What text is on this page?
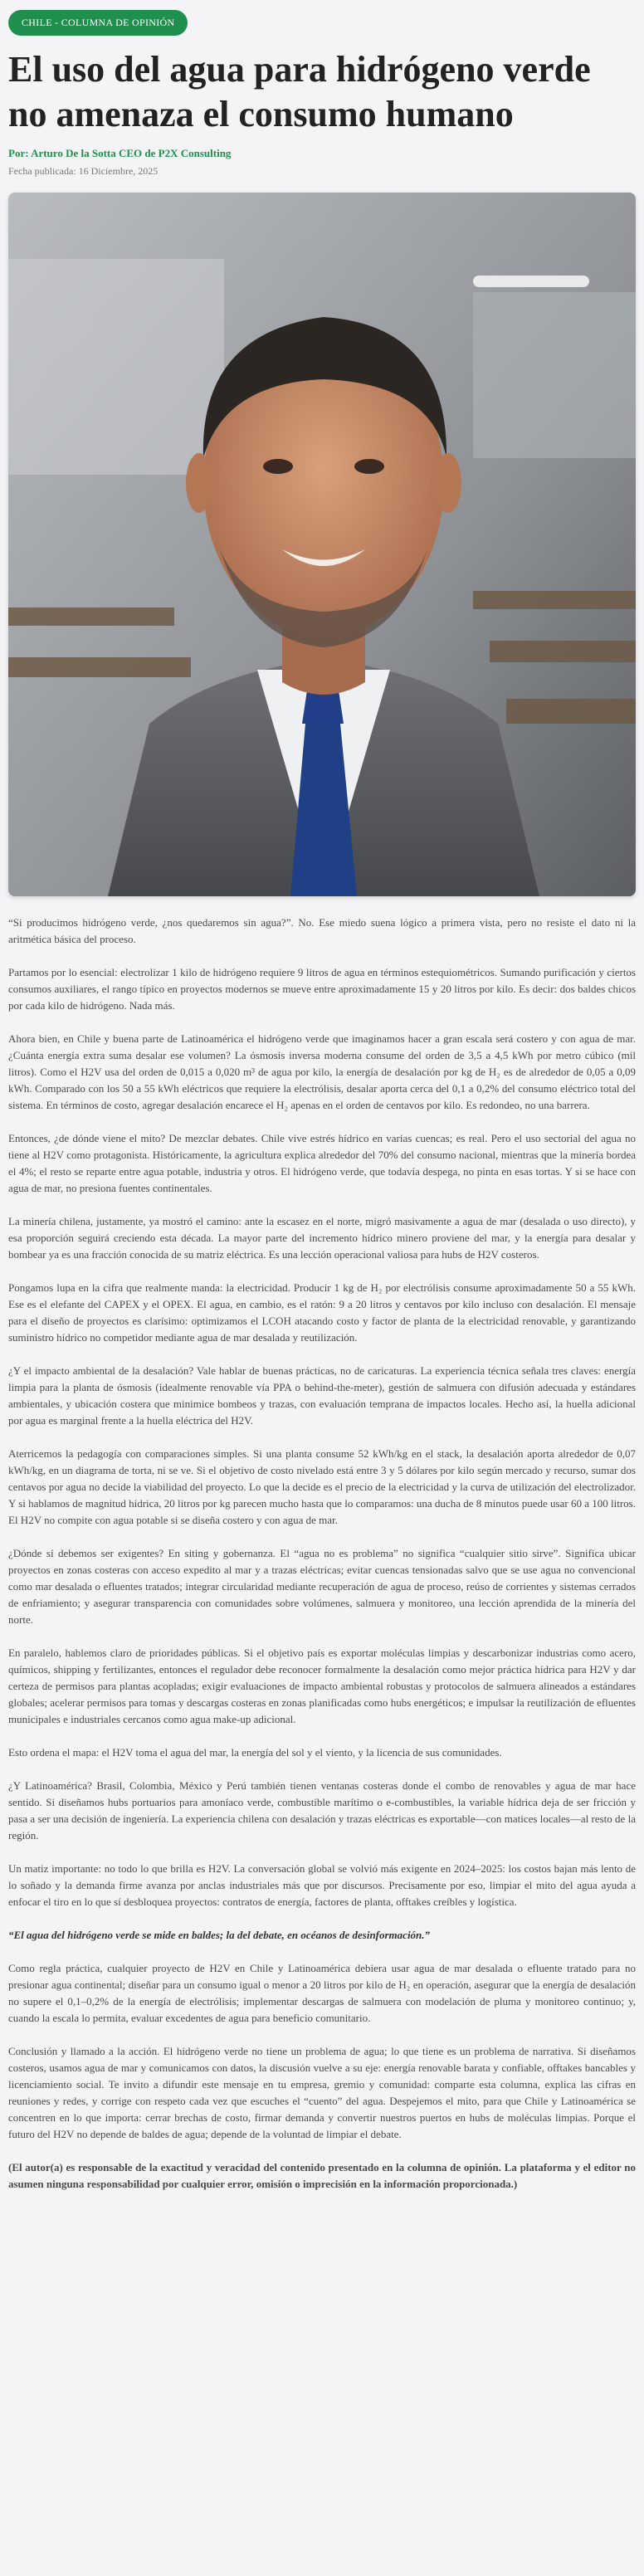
CHILE - COLUMNA DE OPINIÓN
El uso del agua para hidrógeno verde no amenaza el consumo humano

Por: Arturo De la Sotta CEO de P2X Consulting

Fecha publicada: 16 Diciembre, 2025

“Si producimos hidrógeno verde, ¿nos quedaremos sin agua?”. No. Ese miedo suena lógico a primera vista, pero no resiste el dato ni la aritmética básica del proceso.

Partamos por lo esencial: electrolizar 1 kilo de hidrógeno requiere 9 litros de agua en términos estequiométricos. Sumando purificación y ciertos consumos auxiliares, el rango típico en proyectos modernos se mueve entre aproximadamente 15 y 20 litros por kilo. Es decir: dos baldes chicos por cada kilo de hidrógeno. Nada más.

Ahora bien, en Chile y buena parte de Latinoamérica el hidrógeno verde que imaginamos hacer a gran escala será costero y con agua de mar. ¿Cuánta energía extra suma desalar ese volumen? La ósmosis inversa moderna consume del orden de 3,5 a 4,5 kWh por metro cúbico (mil litros). Como el H2V usa del orden de 0,015 a 0,020 m³ de agua por kilo, la energía de desalación por kg de H₂ es de alrededor de 0,05 a 0,09 kWh. Comparado con los 50 a 55 kWh eléctricos que requiere la electrólisis, desalar aporta cerca del 0,1 a 0,2% del consumo eléctrico total del sistema. En términos de costo, agregar desalación encarece el H₂ apenas en el orden de centavos por kilo. Es redondeo, no una barrera.

Entonces, ¿de dónde viene el mito? De mezclar debates. Chile vive estrés hídrico en varias cuencas; es real. Pero el uso sectorial del agua no tiene al H2V como protagonista. Históricamente, la agricultura explica alrededor del 70% del consumo nacional, mientras que la minería bordea el 4%; el resto se reparte entre agua potable, industria y otros. El hidrógeno verde, que todavía despega, no pinta en esas tortas. Y si se hace con agua de mar, no presiona fuentes continentales.

La minería chilena, justamente, ya mostró el camino: ante la escasez en el norte, migró masivamente a agua de mar (desalada o uso directo), y esa proporción seguirá creciendo esta década. La mayor parte del incremento hídrico minero proviene del mar, y la energía para desalar y bombear ya es una fracción conocida de su matriz eléctrica. Es una lección operacional valiosa para hubs de H2V costeros.

Pongamos lupa en la cifra que realmente manda: la electricidad. Producir 1 kg de H₂ por electrólisis consume aproximadamente 50 a 55 kWh. Ese es el elefante del CAPEX y el OPEX. El agua, en cambio, es el ratón: 9 a 20 litros y centavos por kilo incluso con desalación. El mensaje para el diseño de proyectos es clarísimo: optimizamos el LCOH atacando costo y factor de planta de la electricidad renovable, y garantizando suministro hídrico no competidor mediante agua de mar desalada y reutilización.

¿Y el impacto ambiental de la desalación? Vale hablar de buenas prácticas, no de caricaturas. La experiencia técnica señala tres claves: energía limpia para la planta de ósmosis (idealmente renovable vía PPA o behind-the-meter), gestión de salmuera con difusión adecuada y estándares ambientales, y ubicación costera que minimice bombeos y trazas, con evaluación temprana de impactos locales. Hecho así, la huella adicional por agua es marginal frente a la huella eléctrica del H2V.

Aterricemos la pedagogía con comparaciones simples. Si una planta consume 52 kWh/kg en el stack, la desalación aporta alrededor de 0,07 kWh/kg, en un diagrama de torta, ni se ve. Si el objetivo de costo nivelado está entre 3 y 5 dólares por kilo según mercado y recurso, sumar dos centavos por agua no decide la viabilidad del proyecto. Lo que la decide es el precio de la electricidad y la curva de utilización del electrolizador. Y si hablamos de magnitud hídrica, 20 litros por kg parecen mucho hasta que lo comparamos: una ducha de 8 minutos puede usar 60 a 100 litros. El H2V no compite con agua potable si se diseña costero y con agua de mar.

¿Dónde sí debemos ser exigentes? En siting y gobernanza. El “agua no es problema” no significa “cualquier sitio sirve”. Significa ubicar proyectos en zonas costeras con acceso expedito al mar y a trazas eléctricas; evitar cuencas tensionadas salvo que se use agua no convencional como mar desalada o efluentes tratados; integrar circularidad mediante recuperación de agua de proceso, reúso de corrientes y sistemas cerrados de enfriamiento; y asegurar transparencia con comunidades sobre volúmenes, salmuera y monitoreo, una lección aprendida de la minería del norte.

En paralelo, hablemos claro de prioridades públicas. Si el objetivo país es exportar moléculas limpias y descarbonizar industrias como acero, químicos, shipping y fertilizantes, entonces el regulador debe reconocer formalmente la desalación como mejor práctica hídrica para H2V y dar certeza de permisos para plantas acopladas; exigir evaluaciones de impacto ambiental robustas y protocolos de salmuera alineados a estándares globales; acelerar permisos para tomas y descargas costeras en zonas planificadas como hubs energéticos; e impulsar la reutilización de efluentes municipales e industriales cercanos como agua make-up adicional.

Esto ordena el mapa: el H2V toma el agua del mar, la energía del sol y el viento, y la licencia de sus comunidades.

¿Y Latinoamérica? Brasil, Colombia, México y Perú también tienen ventanas costeras donde el combo de renovables y agua de mar hace sentido. Si diseñamos hubs portuarios para amoníaco verde, combustible marítimo o e-combustibles, la variable hídrica deja de ser fricción y pasa a ser una decisión de ingeniería. La experiencia chilena con desalación y trazas eléctricas es exportable—con matices locales—al resto de la región.

Un matiz importante: no todo lo que brilla es H2V. La conversación global se volvió más exigente en 2024–2025: los costos bajan más lento de lo soñado y la demanda firme avanza por anclas industriales más que por discursos. Precisamente por eso, limpiar el mito del agua ayuda a enfocar el tiro en lo que sí desbloquea proyectos: contratos de energía, factores de planta, offtakes creíbles y logística.

“El agua del hidrógeno verde se mide en baldes; la del debate, en océanos de desinformación.”

Como regla práctica, cualquier proyecto de H2V en Chile y Latinoamérica debiera usar agua de mar desalada o efluente tratado para no presionar agua continental; diseñar para un consumo igual o menor a 20 litros por kilo de H₂ en operación, asegurar que la energía de desalación no supere el 0,1–0,2% de la energía de electrólisis; implementar descargas de salmuera con modelación de pluma y monitoreo continuo; y, cuando la escala lo permita, evaluar excedentes de agua para beneficio comunitario.

Conclusión y llamado a la acción. El hidrógeno verde no tiene un problema de agua; lo que tiene es un problema de narrativa. Si diseñamos costeros, usamos agua de mar y comunicamos con datos, la discusión vuelve a su eje: energía renovable barata y confiable, offtakes bancables y licenciamiento social. Te invito a difundir este mensaje en tu empresa, gremio y comunidad: comparte esta columna, explica las cifras en reuniones y redes, y corrige con respeto cada vez que escuches el “cuento” del agua. Despejemos el mito, para que Chile y Latinoamérica se concentren en lo que importa: cerrar brechas de costo, firmar demanda y convertir nuestros puertos en hubs de moléculas limpias. Porque el futuro del H2V no depende de baldes de agua; depende de la voluntad de limpiar el debate.

(El autor(a) es responsable de la exactitud y veracidad del contenido presentado en la columna de opinión. La plataforma y el editor no asumen ninguna responsabilidad por cualquier error, omisión o imprecisión en la información proporcionada.)
